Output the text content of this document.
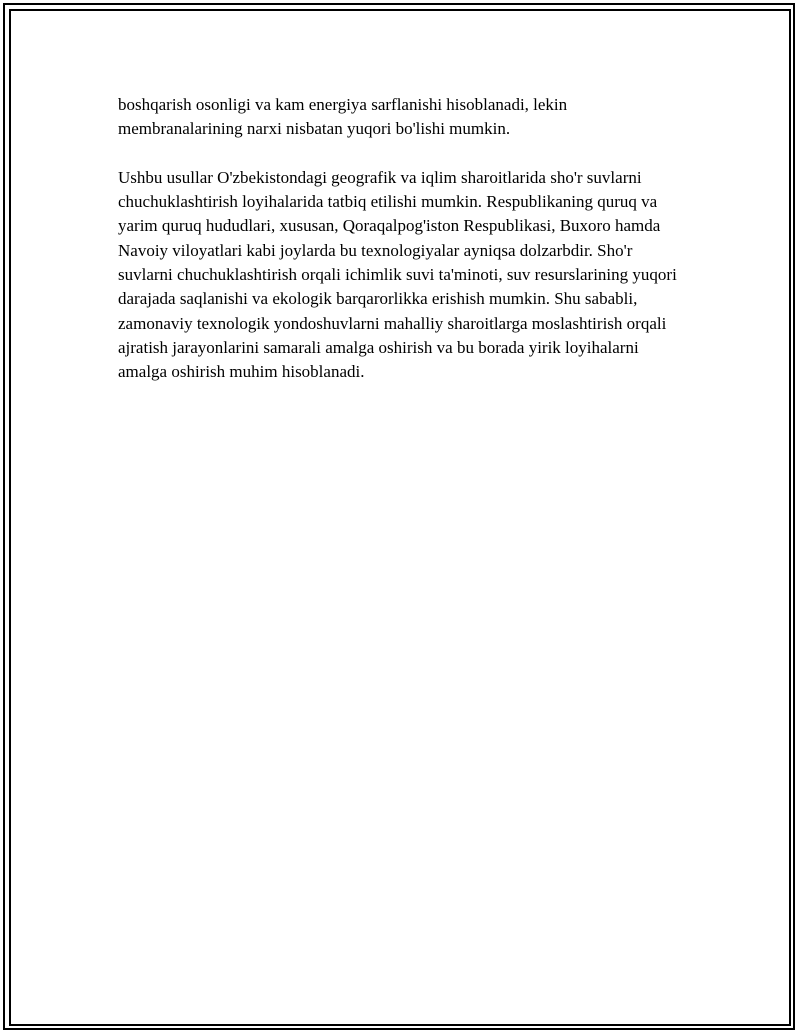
boshqarish osonligi va kam energiya sarflanishi hisoblanadi, lekin membranalarining narxi nisbatan yuqori bo'lishi mumkin.

Ushbu usullar O'zbekistondagi geografik va iqlim sharoitlarida sho'r suvlarni chuchuklashtirish loyihalarida tatbiq etilishi mumkin. Respublikaning quruq va yarim quruq hududlari, xususan, Qoraqalpog'iston Respublikasi, Buxoro hamda Navoiy viloyatlari kabi joylarda bu texnologiyalar ayniqsa dolzarbdir. Sho'r suvlarni chuchuklashtirish orqali ichimlik suvi ta'minoti, suv resurslarining yuqori darajada saqlanishi va ekologik barqarorlikka erishish mumkin. Shu sababli, zamonaviy texnologik yondoshuvlarni mahalliy sharoitlarga moslashtirish orqali ajratish jarayonlarini samarali amalga oshirish va bu borada yirik loyihalarni amalga oshirish muhim hisoblanadi.
